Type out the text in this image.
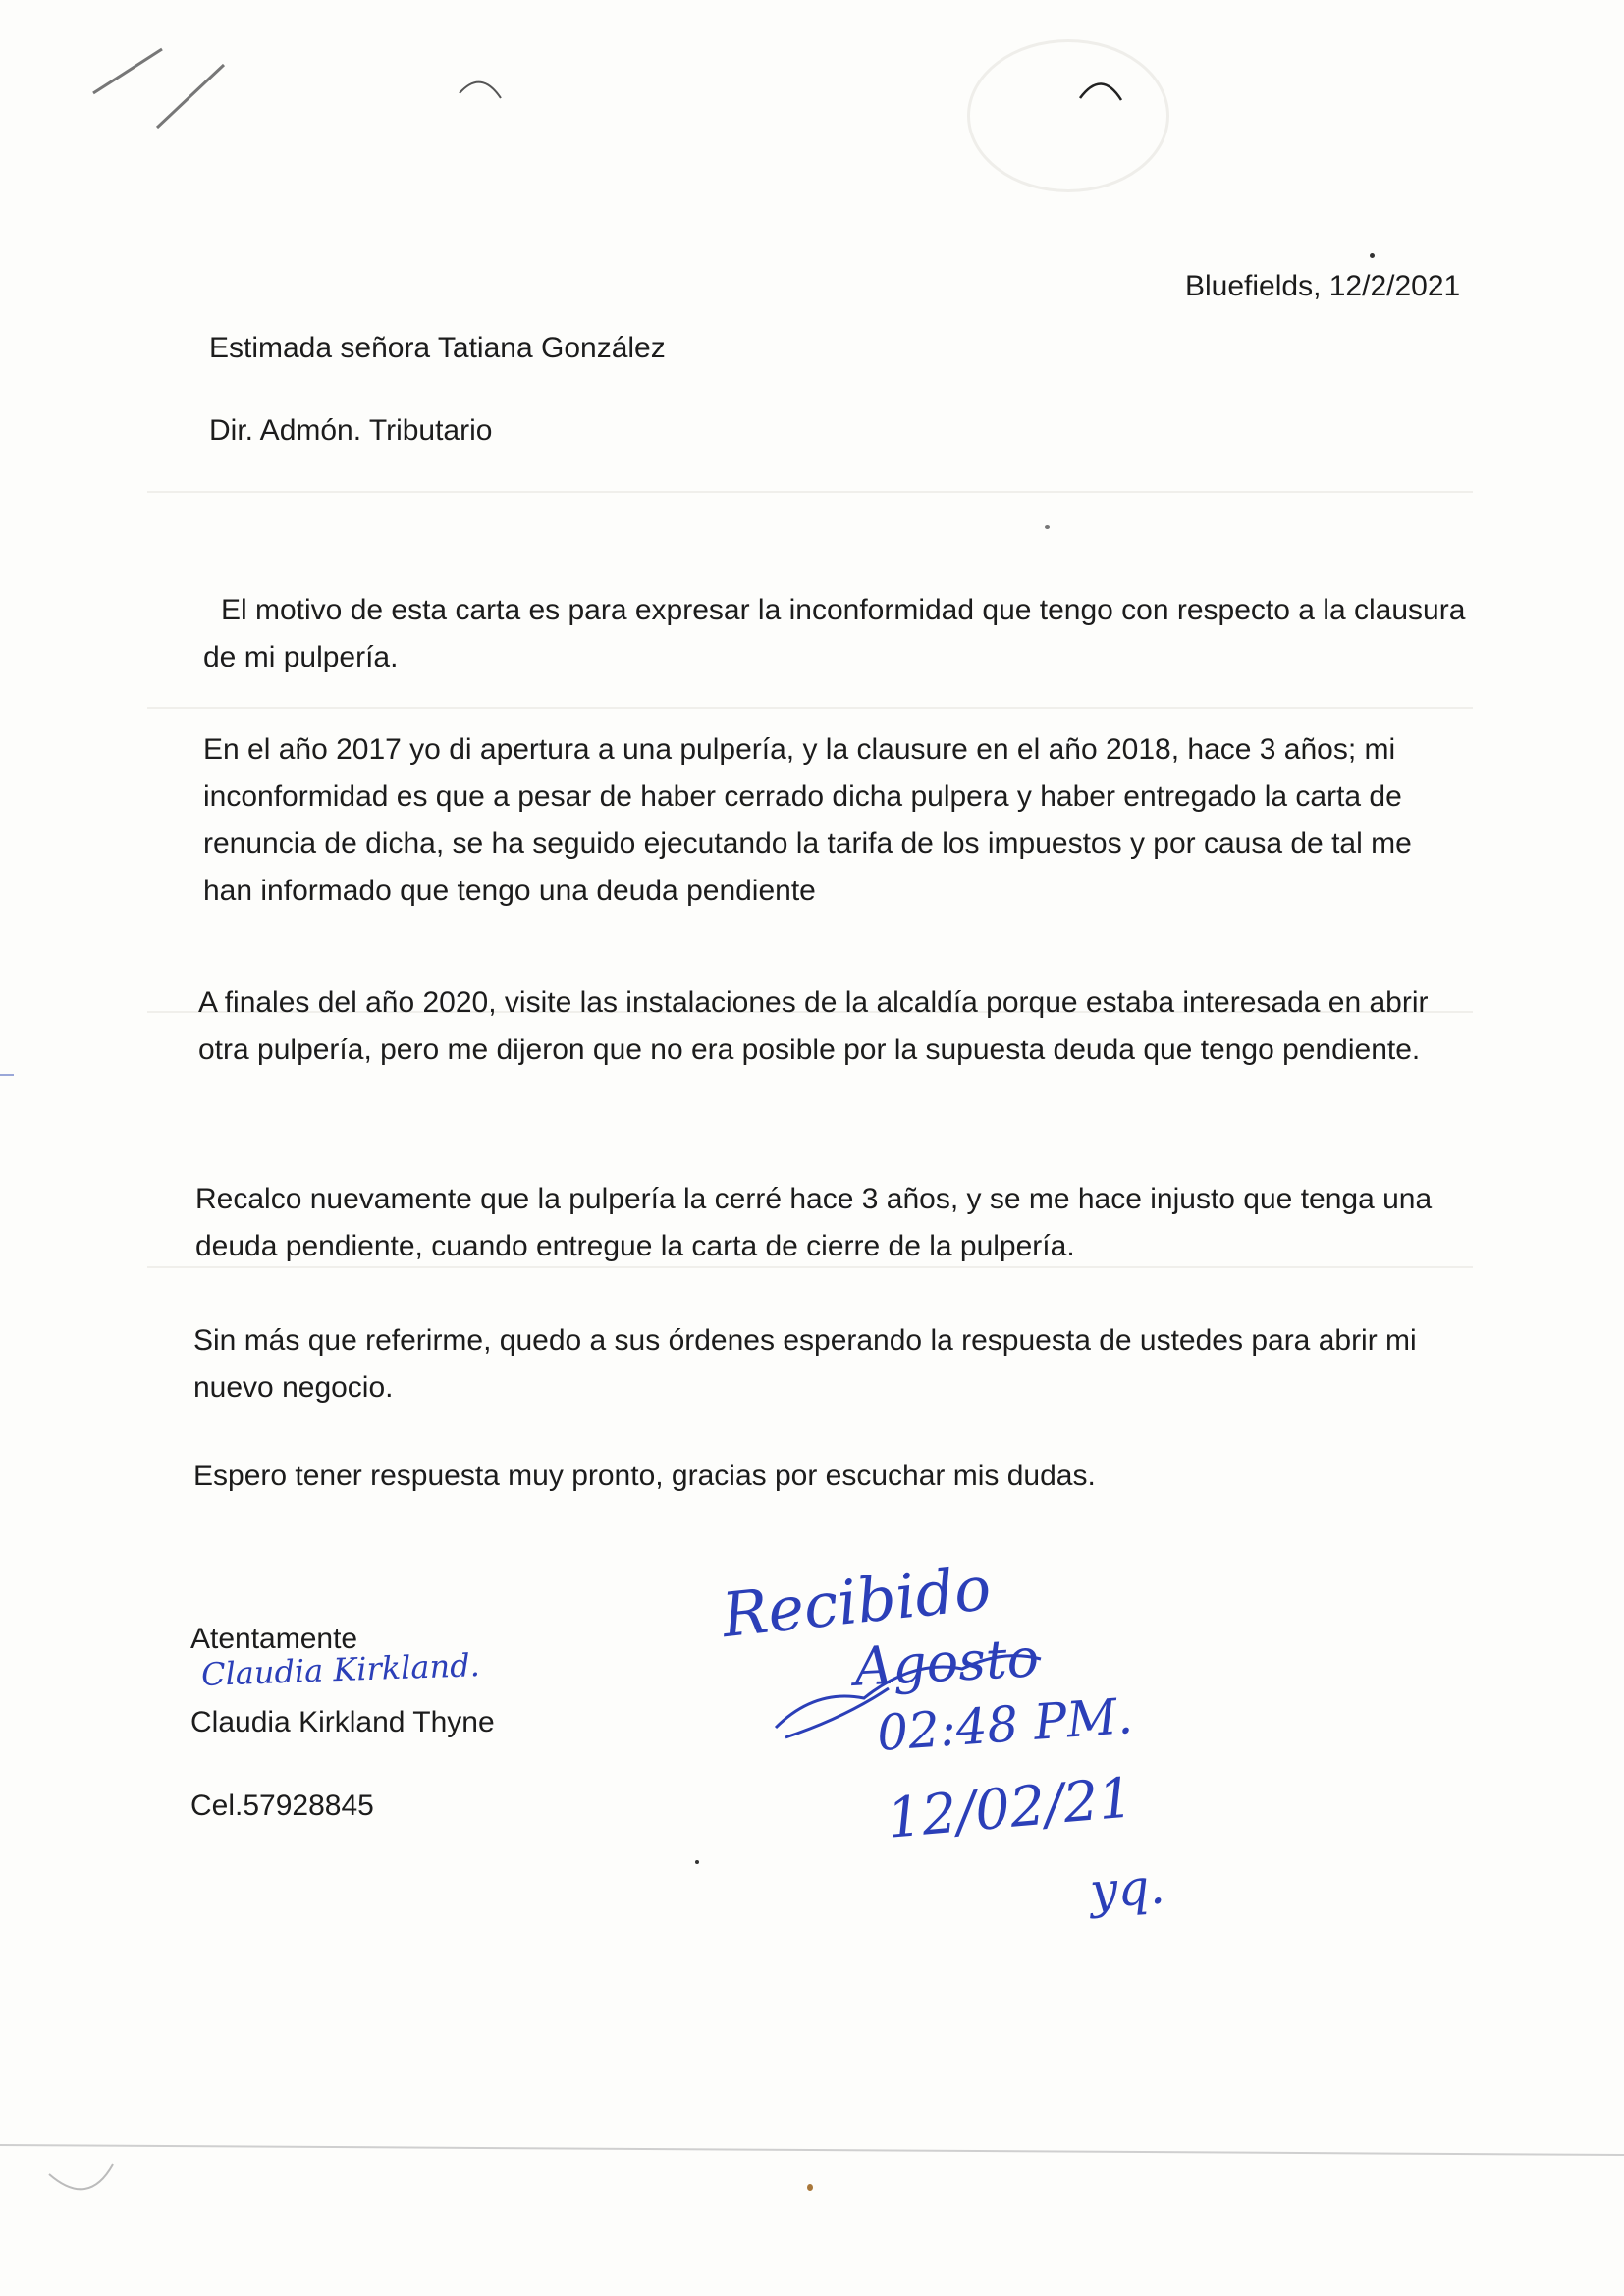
Bluefields, 12/2/2021
Estimada señora Tatiana González
Dir. Admón. Tributario
El motivo de esta carta es para expresar la inconformidad que tengo con respecto a la clausura de mi pulpería.
En el año 2017 yo di apertura a una pulpería, y la clausure en el año 2018, hace 3 años; mi inconformidad es que a pesar de haber cerrado dicha pulpera y haber entregado la carta de renuncia de dicha, se ha seguido ejecutando la tarifa de los impuestos y por causa de tal me han informado que tengo una deuda pendiente
A finales del año 2020, visite las instalaciones de la alcaldía porque estaba interesada en abrir otra pulpería, pero me dijeron que no era posible por la supuesta deuda que tengo pendiente.
Recalco nuevamente que la pulpería la cerré hace 3 años, y se me hace injusto que tenga una deuda pendiente, cuando entregue la carta de cierre de la pulpería.
Sin más que referirme, quedo a sus órdenes esperando la respuesta de ustedes para abrir mi nuevo negocio.
Espero tener respuesta muy pronto, gracias por escuchar mis dudas.
Atentamente
Claudia Kirkland.
Claudia Kirkland Thyne
Cel.57928845
Recibido
Agosto
02:48 PM.
12/02/21
yq.
